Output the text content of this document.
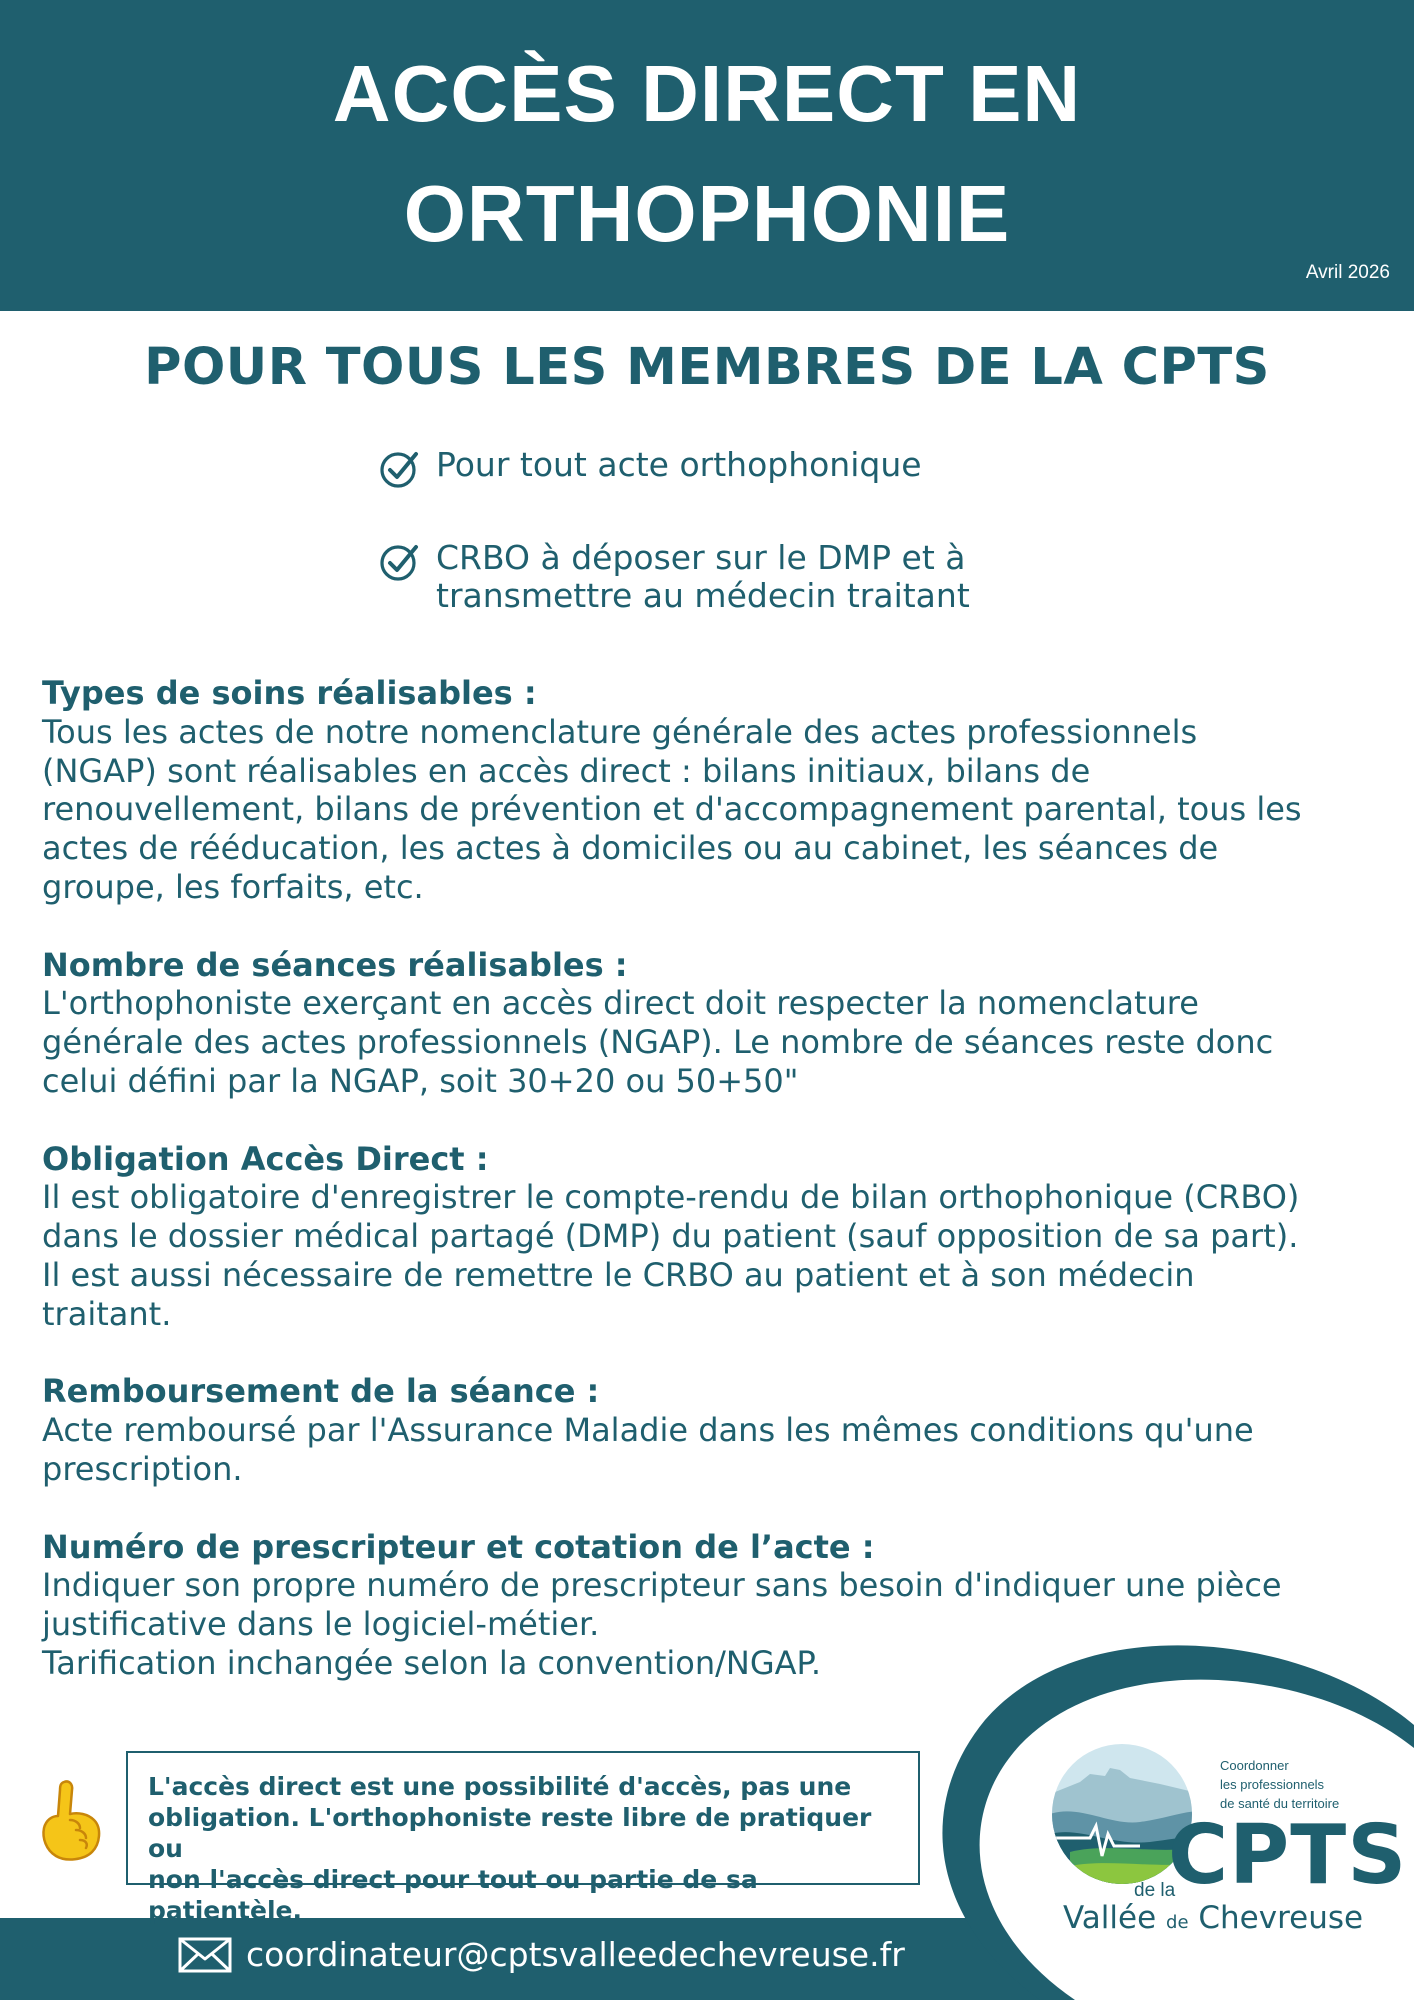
ACCÈS DIRECT EN
ORTHOPHONIE
Avril 2026
POUR TOUS LES MEMBRES DE LA CPTS
Pour tout acte orthophonique
CRBO à déposer sur le DMP et à transmettre au médecin traitant
Types de soins réalisables :

Tous les actes de notre nomenclature générale des actes professionnels
(NGAP) sont réalisables en accès direct : bilans initiaux, bilans de
renouvellement, bilans de prévention et d'accompagnement parental, tous les
actes de rééducation, les actes à domiciles ou au cabinet, les séances de
groupe, les forfaits, etc.

Nombre de séances réalisables :

L'orthophoniste exerçant en accès direct doit respecter la nomenclature
générale des actes professionnels (NGAP). Le nombre de séances reste donc
celui défini par la NGAP, soit 30+20 ou 50+50"

Obligation Accès Direct :

Il est obligatoire d'enregistrer le compte-rendu de bilan orthophonique (CRBO)
dans le dossier médical partagé (DMP) du patient (sauf opposition de sa part).
Il est aussi nécessaire de remettre le CRBO au patient et à son médecin
traitant.

Remboursement de la séance :

Acte remboursé par l'Assurance Maladie dans les mêmes conditions qu'une
prescription.

Numéro de prescripteur et cotation de l’acte :

Indiquer son propre numéro de prescripteur sans besoin d'indiquer une pièce
justificative dans le logiciel-métier.
Tarification inchangée selon la convention/NGAP.

L'accès direct est une possibilité d'accès, pas une
obligation. L'orthophoniste reste libre de pratiquer ou
non l'accès direct pour tout ou partie de sa patientèle.
coordinateur@cptsvalleedechevreuse.fr
Coordonner
les professionnels
de santé du territoire
CPTS
de la
Vallée de Chevreuse
